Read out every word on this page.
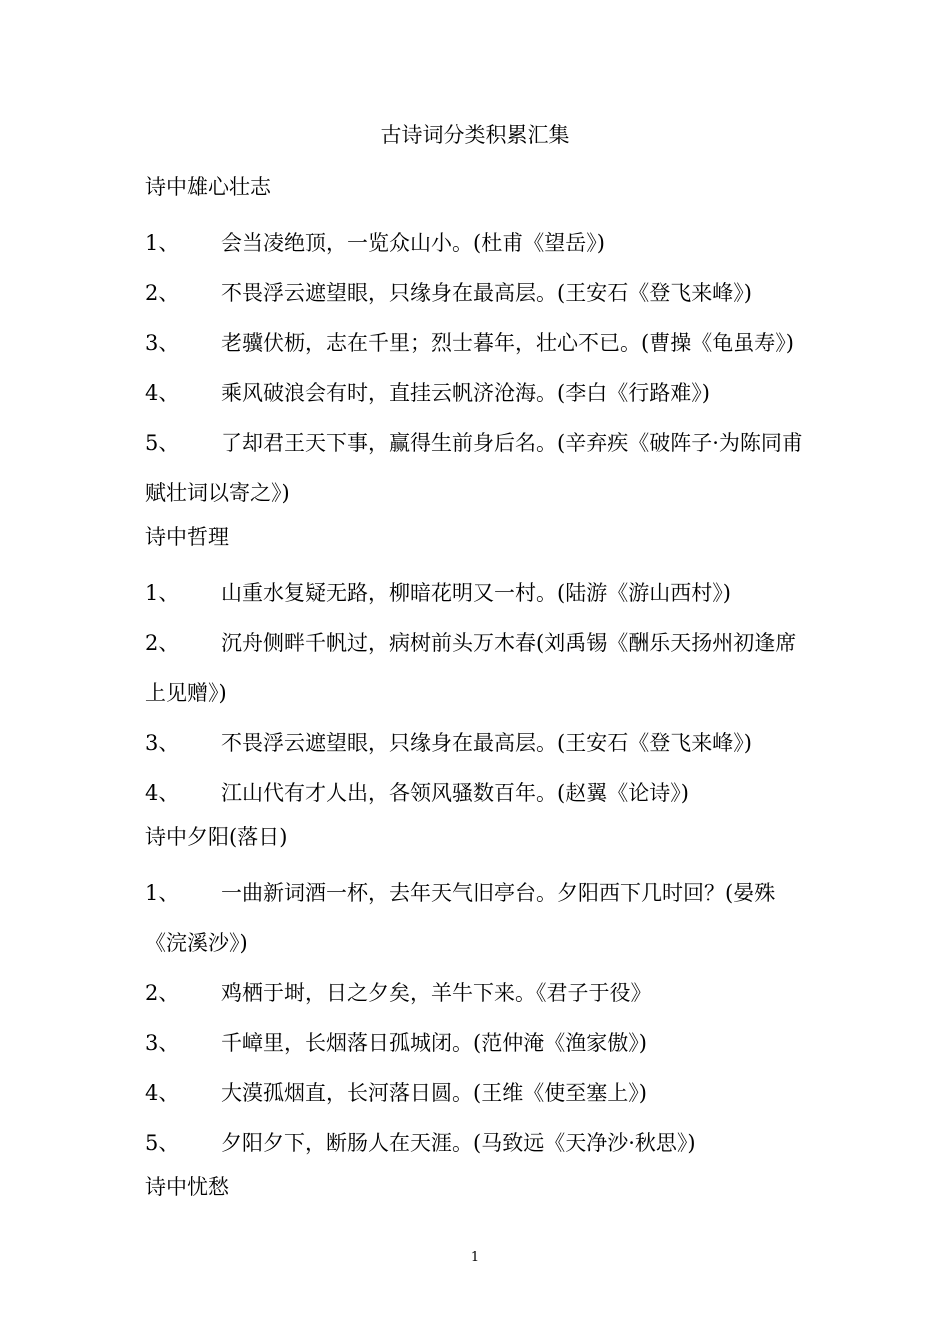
古诗词分类积累汇集
诗中雄心壮志
1、 会当凌绝顶，一览众山小。(杜甫《望岳》)
2、 不畏浮云遮望眼，只缘身在最高层。(王安石《登飞来峰》)
3、 老骥伏枥，志在千里；烈士暮年，壮心不已。(曹操《龟虽寿》)
4、 乘风破浪会有时，直挂云帆济沧海。(李白《行路难》)
5、 了却君王天下事，赢得生前身后名。(辛弃疾《破阵子·为陈同甫赋壮词以寄之》)
诗中哲理
1、 山重水复疑无路，柳暗花明又一村。(陆游《游山西村》)
2、 沉舟侧畔千帆过，病树前头万木春(刘禹锡《酬乐天扬州初逢席上见赠》)
3、 不畏浮云遮望眼，只缘身在最高层。(王安石《登飞来峰》)
4、 江山代有才人出，各领风骚数百年。(赵翼《论诗》)
诗中夕阳(落日)
1、 一曲新词酒一杯，去年天气旧亭台。夕阳西下几时回？(晏殊《浣溪沙》)
2、 鸡栖于埘，日之夕矣，羊牛下来。《君子于役》
3、 千嶂里，长烟落日孤城闭。(范仲淹《渔家傲》)
4、 大漠孤烟直，长河落日圆。(王维《使至塞上》)
5、 夕阳夕下，断肠人在天涯。(马致远《天净沙·秋思》)
诗中忧愁
1
